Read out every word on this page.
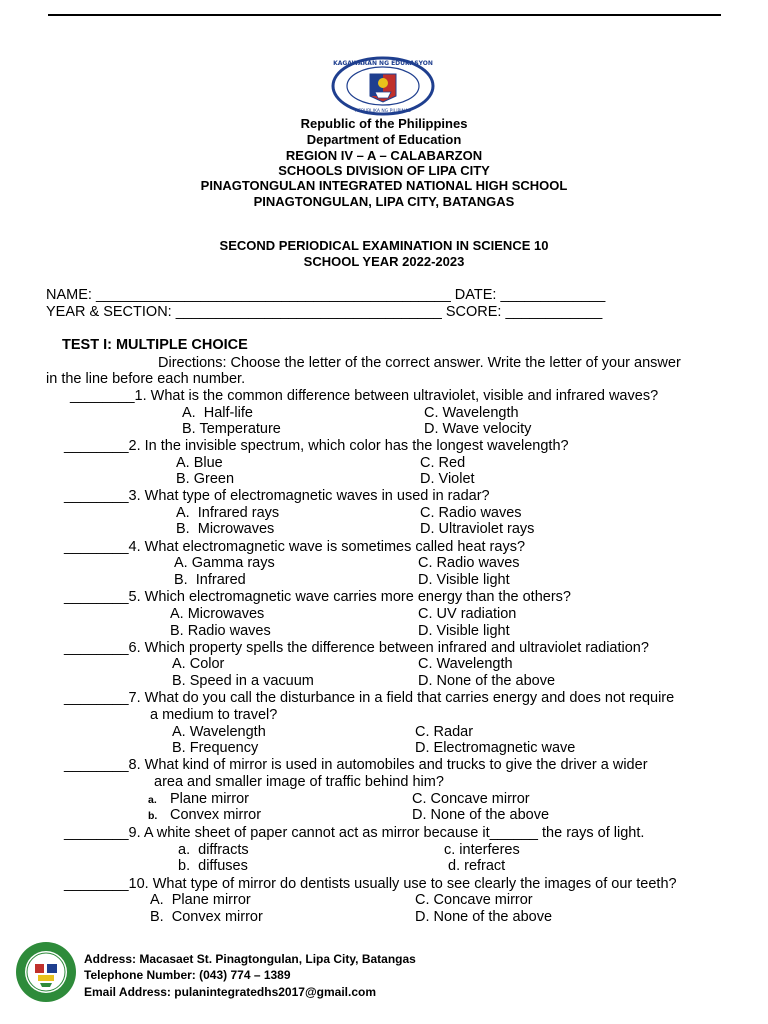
KAGAWARAN NG EDUKASYON
REPUBLIKA NG PILIPINAS
Republic of the Philippines
Department of Education
REGION IV – A – CALABARZON
SCHOOLS DIVISION OF LIPA CITY
PINAGTONGULAN INTEGRATED NATIONAL HIGH SCHOOL
PINAGTONGULAN, LIPA CITY, BATANGAS
SECOND PERIODICAL EXAMINATION IN SCIENCE 10
SCHOOL YEAR 2022-2023
NAME: ____________________________________________ DATE: _____________
YEAR & SECTION: _________________________________ SCORE: ____________
TEST I: MULTIPLE CHOICE
Directions: Choose the letter of the correct answer. Write the letter of your answer
in the line before each number.
________1. What is the common difference between ultraviolet, visible and infrared waves?
A.  Half-life	C. Wavelength
B. Temperature	D. Wave velocity
________2. In the invisible spectrum, which color has the longest wavelength?
A. Blue	C. Red
B. Green	D. Violet
________3. What type of electromagnetic waves in used in radar?
A.  Infrared rays	C. Radio waves
B.  Microwaves	D. Ultraviolet rays
________4. What electromagnetic wave is sometimes called heat rays?
A. Gamma rays	C. Radio waves
B.  Infrared	D. Visible light
________5. Which electromagnetic wave carries more energy than the others?
A. Microwaves	C. UV radiation
B. Radio waves	D. Visible light
________6. Which property spells the difference between infrared and ultraviolet radiation?
A. Color	C. Wavelength
B. Speed in a vacuum	D. None of the above
________7. What do you call the disturbance in a field that carries energy and does not require
a medium to travel?
A. Wavelength	C. Radar
B. Frequency	D. Electromagnetic wave
________8. What kind of mirror is used in automobiles and trucks to give the driver a wider
area and smaller image of traffic behind him?
a. Plane mirror	C. Concave mirror
b. Convex mirror	D. None of the above
________9. A white sheet of paper cannot act as mirror because it______ the rays of light.
a.  diffracts	c. interferes
b.  diffuses	d. refract
________10. What type of mirror do dentists usually use to see clearly the images of our teeth?
A.  Plane mirror	C. Concave mirror
B.  Convex mirror	D. None of the above
Address: Macasaet St. Pinagtongulan, Lipa City, Batangas
Telephone Number: (043) 774 – 1389
Email Address: pulanintegratedhs2017@gmail.com
